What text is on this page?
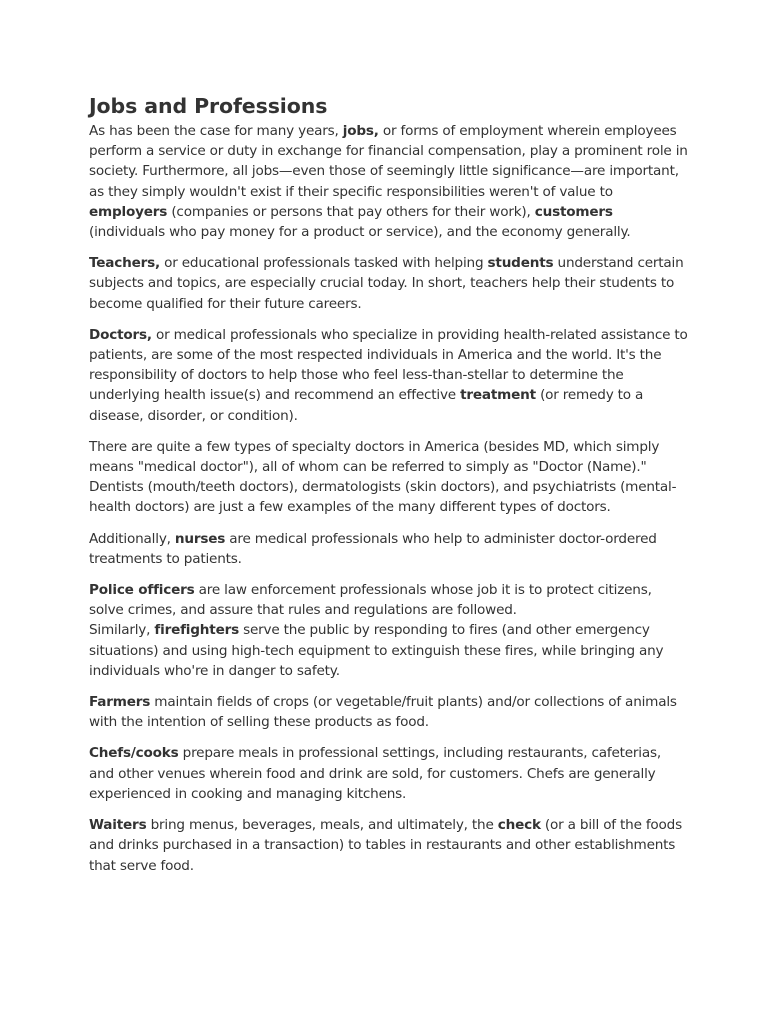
Jobs and Professions

As has been the case for many years, jobs, or forms of employment wherein employees perform a service or duty in exchange for financial compensation, play a prominent role in society. Furthermore, all jobs—even those of seemingly little significance—are important, as they simply wouldn't exist if their specific responsibilities weren't of value to employers (companies or persons that pay others for their work), customers (individuals who pay money for a product or service), and the economy generally.

Teachers, or educational professionals tasked with helping students understand certain subjects and topics, are especially crucial today. In short, teachers help their students to become qualified for their future careers.

Doctors, or medical professionals who specialize in providing health-related assistance to patients, are some of the most respected individuals in America and the world. It's the responsibility of doctors to help those who feel less-than-stellar to determine the underlying health issue(s) and recommend an effective treatment (or remedy to a disease, disorder, or condition).

There are quite a few types of specialty doctors in America (besides MD, which simply means "medical doctor"), all of whom can be referred to simply as "Doctor (Name)." Dentists (mouth/teeth doctors), dermatologists (skin doctors), and psychiatrists (mental-health doctors) are just a few examples of the many different types of doctors.

Additionally, nurses are medical professionals who help to administer doctor-ordered treatments to patients.

Police officers are law enforcement professionals whose job it is to protect citizens, solve crimes, and assure that rules and regulations are followed.
Similarly, firefighters serve the public by responding to fires (and other emergency situations) and using high-tech equipment to extinguish these fires, while bringing any individuals who're in danger to safety.

Farmers maintain fields of crops (or vegetable/fruit plants) and/or collections of animals with the intention of selling these products as food.

Chefs/cooks prepare meals in professional settings, including restaurants, cafeterias, and other venues wherein food and drink are sold, for customers. Chefs are generally experienced in cooking and managing kitchens.

Waiters bring menus, beverages, meals, and ultimately, the check (or a bill of the foods and drinks purchased in a transaction) to tables in restaurants and other establishments that serve food.
